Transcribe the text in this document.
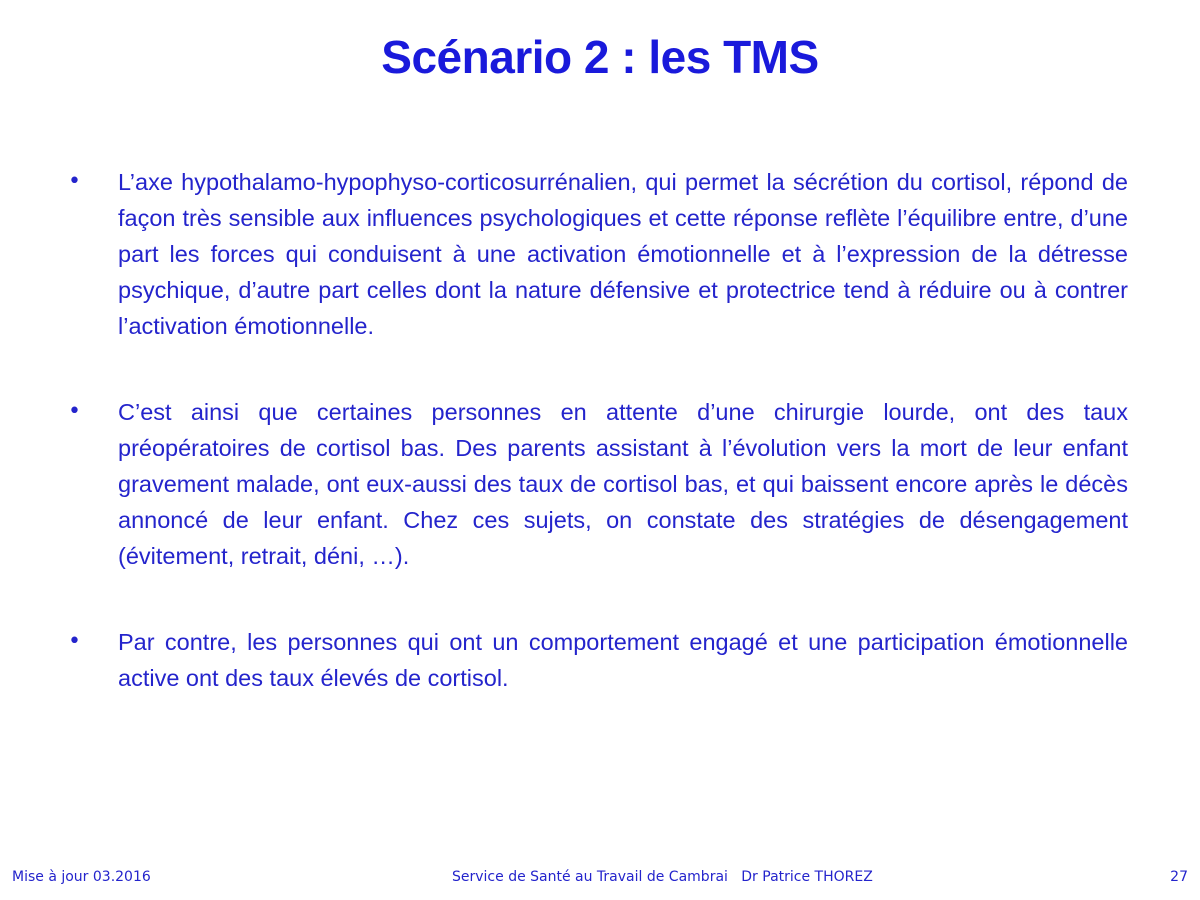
Scénario 2 : les TMS
• L’axe hypothalamo-hypophyso-corticosurrénalien, qui permet la sécrétion du cortisol, répond de façon très sensible aux influences psychologiques et cette réponse reflète l’équilibre entre, d’une part les forces qui conduisent à une activation émotionnelle et à l’expression de la détresse psychique, d’autre part celles dont la nature défensive et protectrice tend à réduire ou à contrer l’activation émotionnelle.
• C’est ainsi que certaines personnes en attente d’une chirurgie lourde, ont des taux préopératoires de cortisol bas. Des parents assistant à l’évolution vers la mort de leur enfant gravement malade, ont eux-aussi des taux de cortisol bas, et qui baissent encore après le décès annoncé de leur enfant. Chez ces sujets, on constate des stratégies de désengagement (évitement, retrait, déni, …).
• Par contre, les personnes qui ont un comportement engagé et une participation émotionnelle active ont des taux élevés de cortisol.
Mise à jour 03.2016	Service de Santé au Travail de Cambrai   Dr Patrice THOREZ	27
